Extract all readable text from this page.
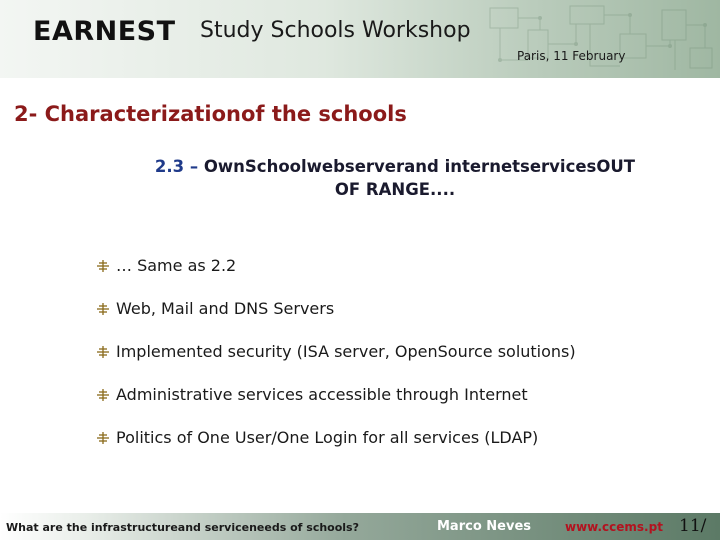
EARNEST Study Schools Workshop
Paris, 11 February
2- Characterizationof the schools
2.3 – OwnSchoolwebserverand internetservicesOUT
OF RANGE....
… Same as 2.2
Web, Mail and DNS Servers
Implemented security (ISA server, OpenSource solutions)
Administrative services accessible through Internet
Politics of One User/One Login for all services (LDAP)
What are the infrastructureand serviceneeds of schools?	Marco Neves	www.ccems.pt 11/
